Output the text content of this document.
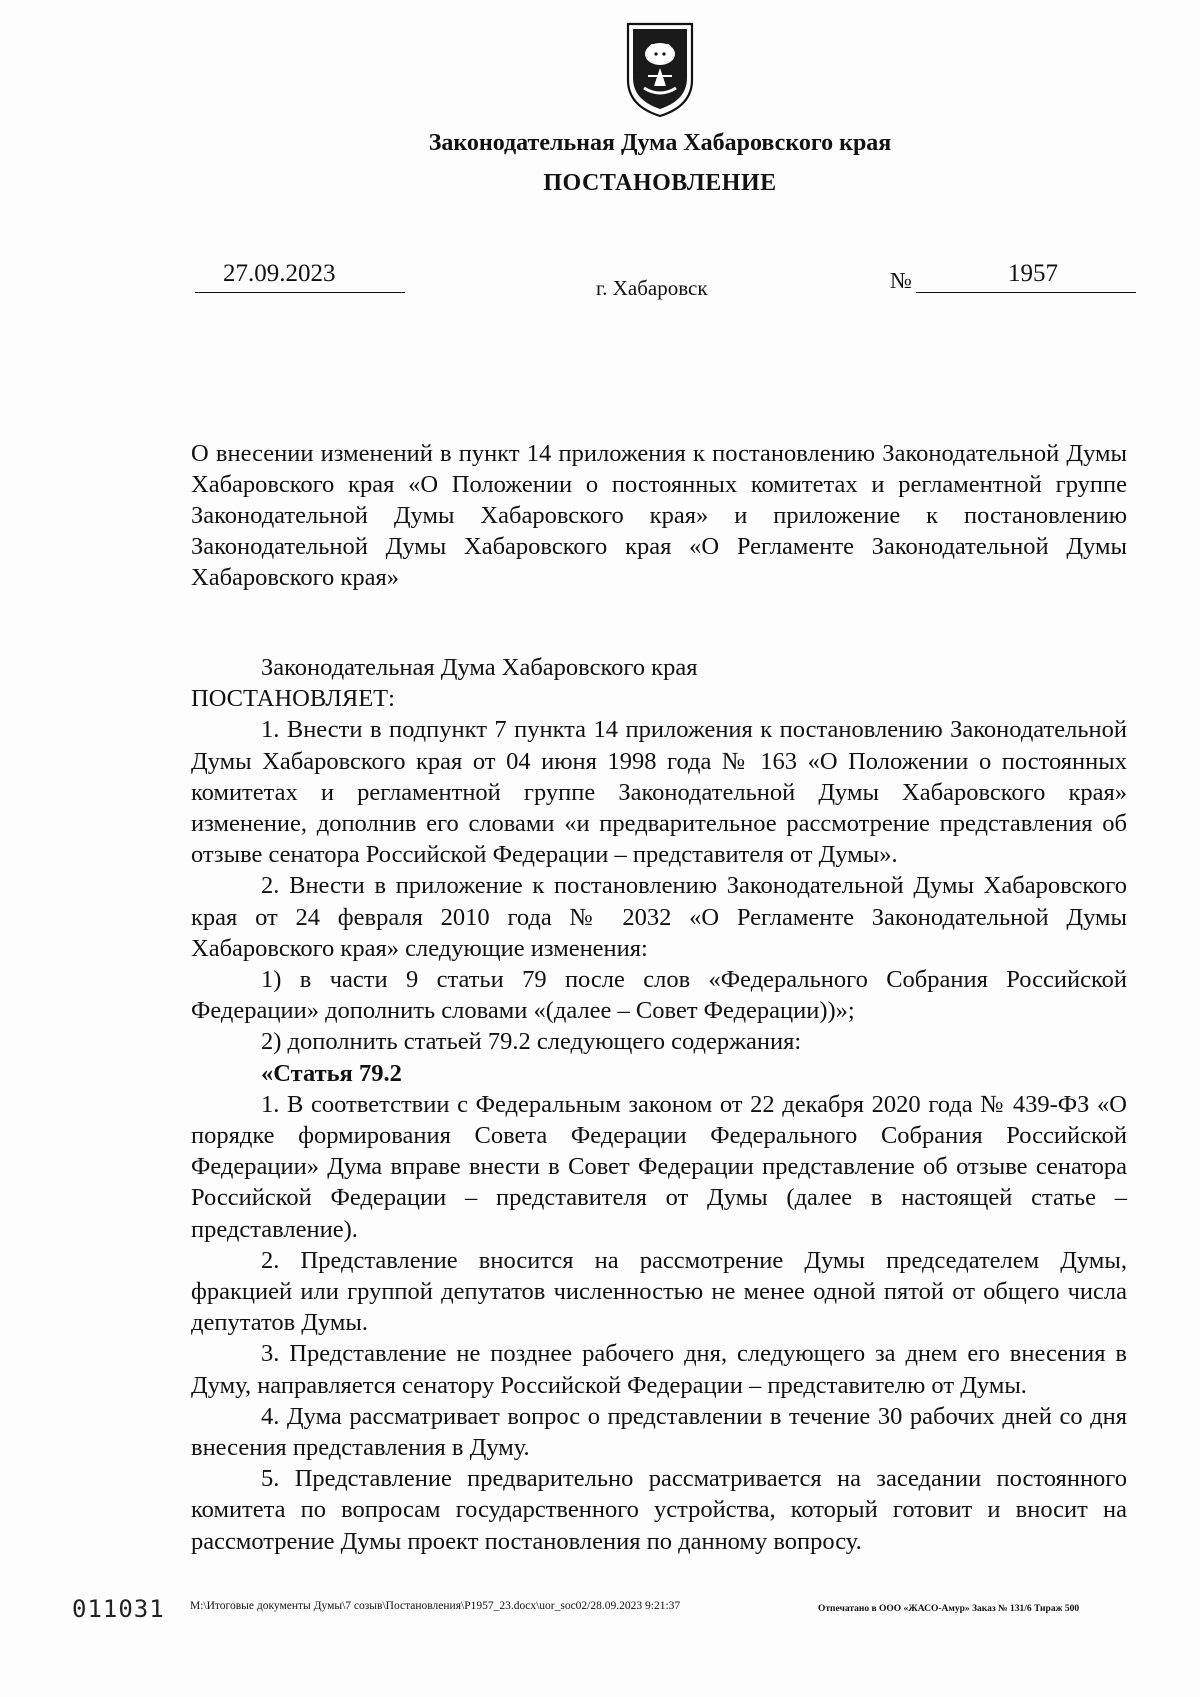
Законодательная Дума Хабаровского края
ПОСТАНОВЛЕНИЕ
27.09.2023
г. Хабаровск	№	1957
О внесении изменений в пункт 14 приложения к постановлению Законодательной Думы Хабаровского края «О Положении о постоянных комитетах и регламентной группе Законодательной Думы Хабаровского края» и приложение к постановлению Законодательной Думы Хабаровского края «О Регламенте Законодательной Думы Хабаровского края»

Законодательная Дума Хабаровского края

ПОСТАНОВЛЯЕТ:

1. Внести в подпункт 7 пункта 14 приложения к постановлению Законодательной Думы Хабаровского края от 04 июня 1998 года № 163 «О Положении о постоянных комитетах и регламентной группе Законодательной Думы Хабаровского края» изменение, дополнив его словами «и предварительное рассмотрение представления об отзыве сенатора Российской Федерации – представителя от Думы».

2. Внести в приложение к постановлению Законодательной Думы Хабаровского края от 24 февраля 2010 года № 2032 «О Регламенте Законодательной Думы Хабаровского края» следующие изменения:

1) в части 9 статьи 79 после слов «Федерального Собрания Российской Федерации» дополнить словами «(далее – Совет Федерации))»;

2) дополнить статьей 79.2 следующего содержания:

«Статья 79.2

1. В соответствии с Федеральным законом от 22 декабря 2020 года № 439-ФЗ «О порядке формирования Совета Федерации Федерального Собрания Российской Федерации» Дума вправе внести в Совет Федерации представление об отзыве сенатора Российской Федерации – представителя от Думы (далее в настоящей статье – представление).

2. Представление вносится на рассмотрение Думы председателем Думы, фракцией или группой депутатов численностью не менее одной пятой от общего числа депутатов Думы.

3. Представление не позднее рабочего дня, следующего за днем его внесения в Думу, направляется сенатору Российской Федерации – представителю от Думы.

4. Дума рассматривает вопрос о представлении в течение 30 рабочих дней со дня внесения представления в Думу.

5. Представление предварительно рассматривается на заседании постоянного комитета по вопросам государственного устройства, который готовит и вносит на рассмотрение Думы проект постановления по данному вопросу.

011031 M:\Итоговые документы Думы\7 созыв\Постановления\P1957_23.docx\uor_soc02/28.09.2023 9:21:37	Отпечатано в ООО «ЖАСО-Амур» Заказ № 131/6 Тираж 500
